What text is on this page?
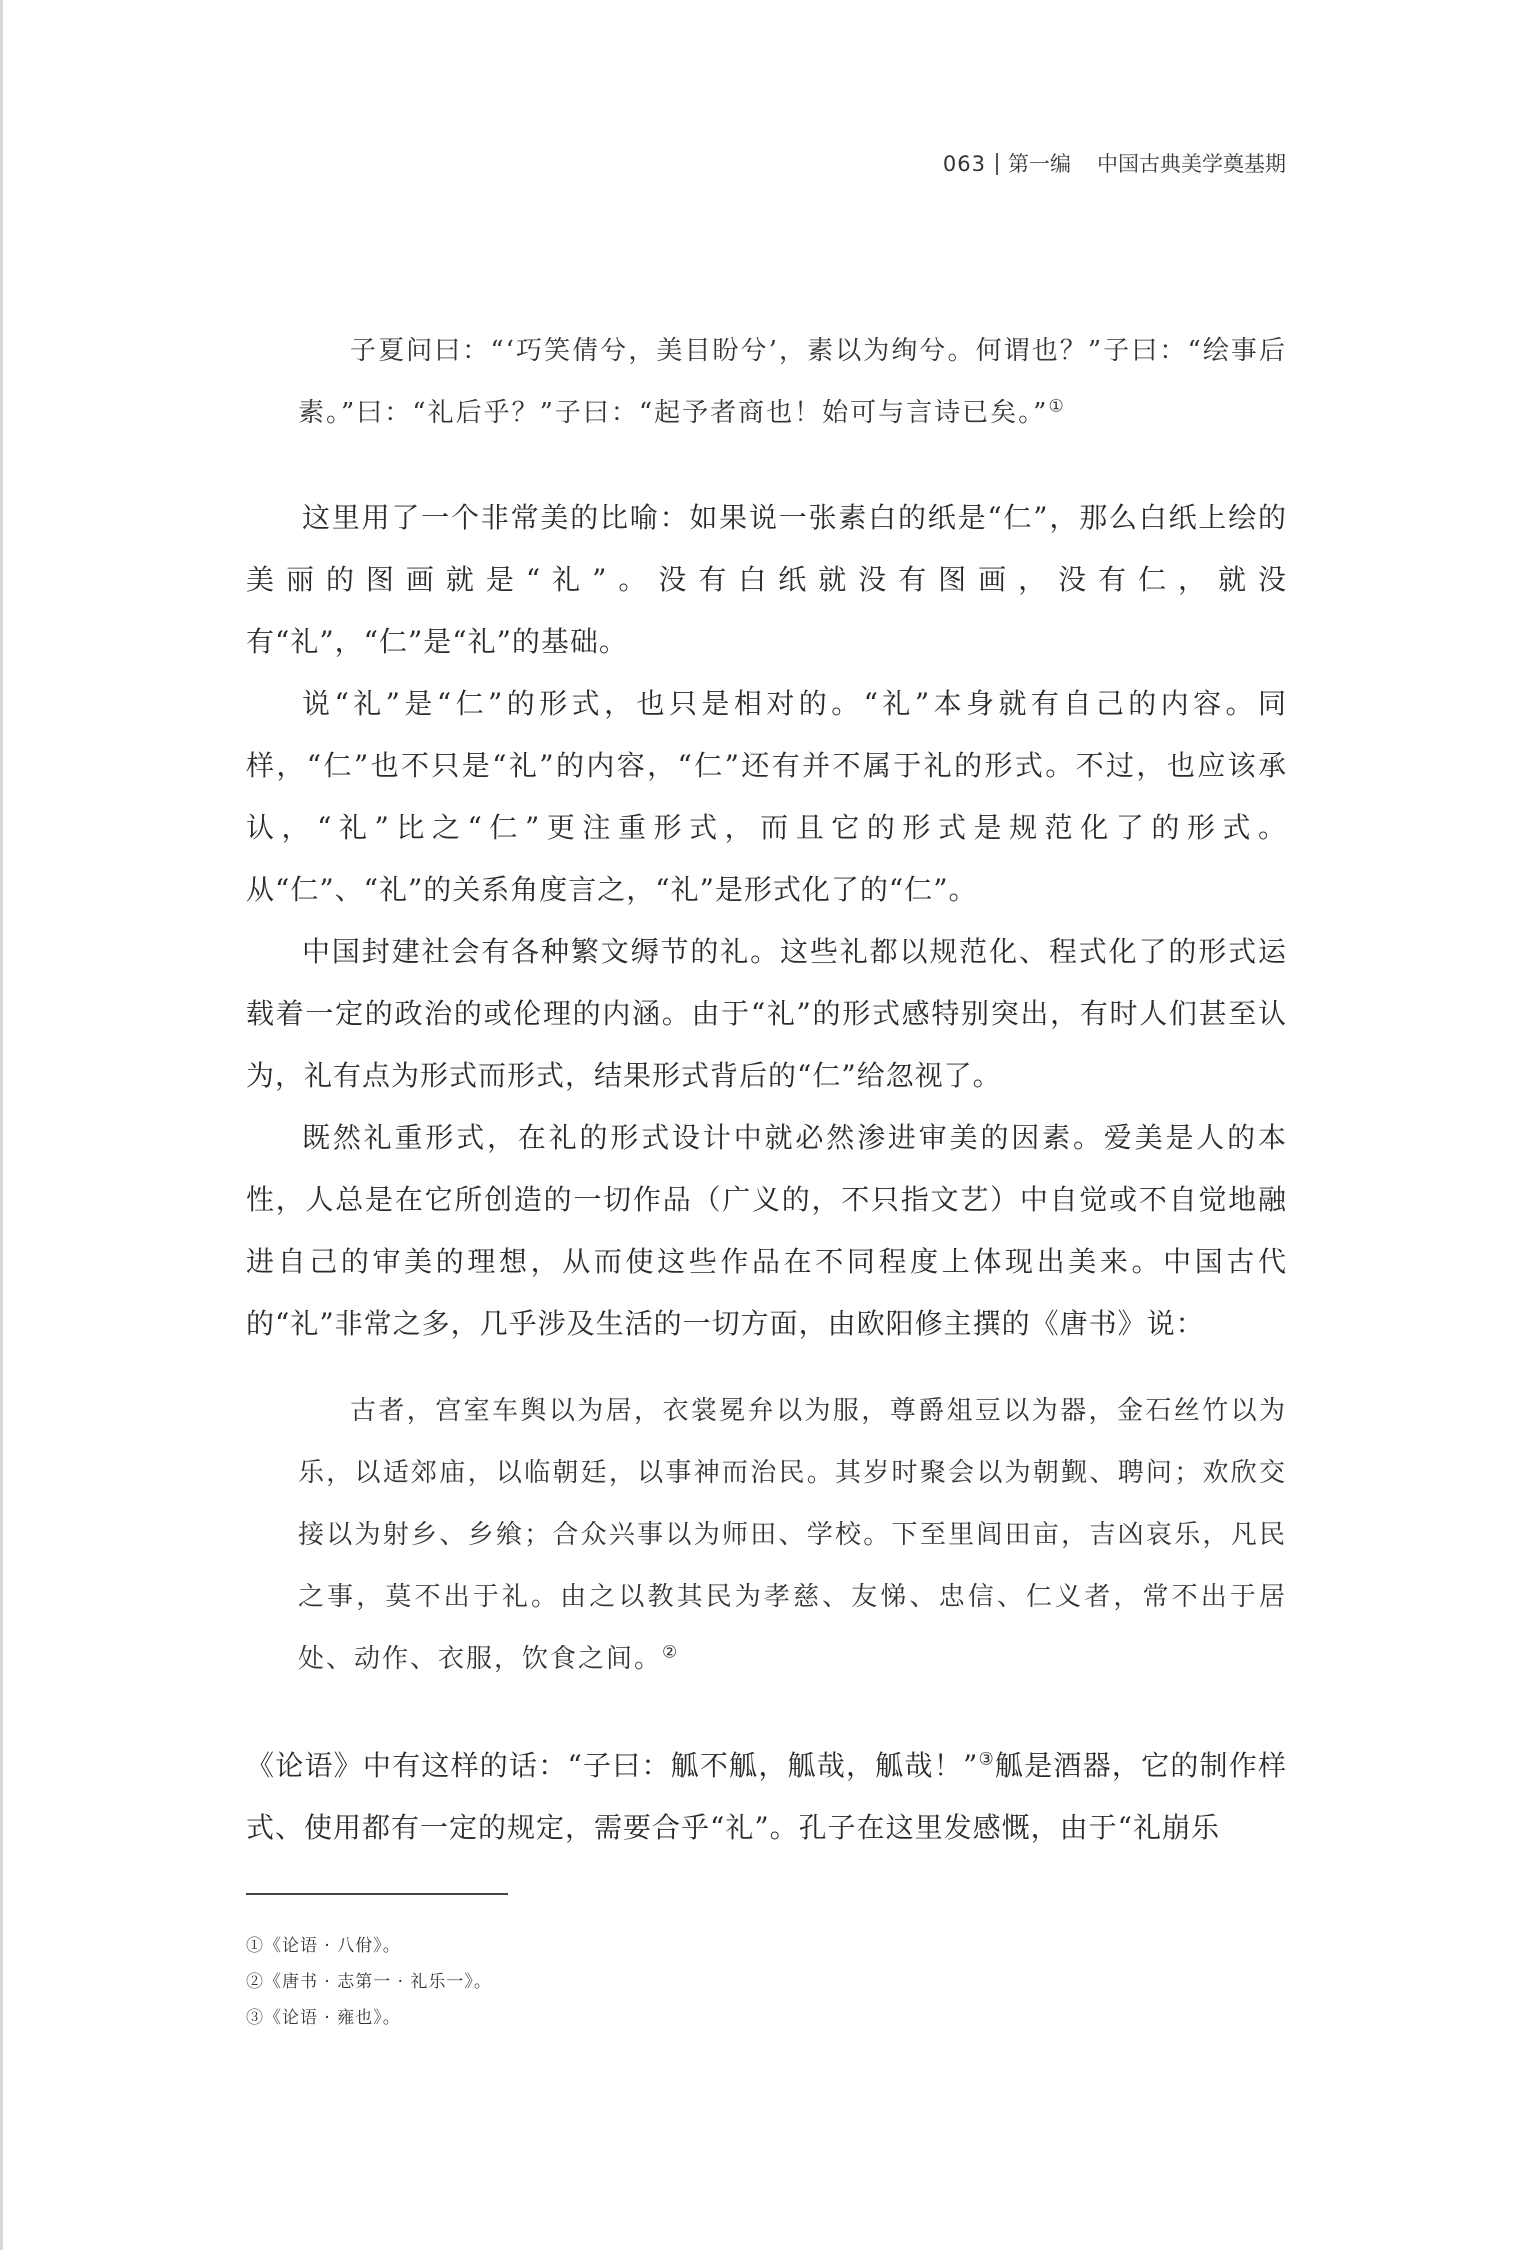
063 第一编 中国古典美学奠基期

子夏问曰：“‘巧笑倩兮，美目盼兮’，素以为绚兮。何谓也？”子曰：“绘事后素。”曰：“礼后乎？”子曰：“起予者商也！始可与言诗已矣。”①

这里用了一个非常美的比喻：如果说一张素白的纸是“仁”，那么白纸上绘的美丽的图画就是“礼”。没有白纸就没有图画，没有仁，就没有“礼”，“仁”是“礼”的基础。

说“礼”是“仁”的形式，也只是相对的。“礼”本身就有自己的内容。同样，“仁”也不只是“礼”的内容，“仁”还有并不属于礼的形式。不过，也应该承认，“礼”比之“仁”更注重形式，而且它的形式是规范化了的形式。从“仁”、“礼”的关系角度言之，“礼”是形式化了的“仁”。

中国封建社会有各种繁文缛节的礼。这些礼都以规范化、程式化了的形式运载着一定的政治的或伦理的内涵。由于“礼”的形式感特别突出，有时人们甚至认为，礼有点为形式而形式，结果形式背后的“仁”给忽视了。

既然礼重形式，在礼的形式设计中就必然渗进审美的因素。爱美是人的本性，人总是在它所创造的一切作品（广义的，不只指文艺）中自觉或不自觉地融进自己的审美的理想，从而使这些作品在不同程度上体现出美来。中国古代的“礼”非常之多，几乎涉及生活的一切方面，由欧阳修主撰的《唐书》说：

古者，宫室车舆以为居，衣裳冕弁以为服，尊爵俎豆以为器，金石丝竹以为乐，以适郊庙，以临朝廷，以事神而治民。其岁时聚会以为朝觐、聘问；欢欣交接以为射乡、乡飨；合众兴事以为师田、学校。下至里闾田亩，吉凶哀乐，凡民之事，莫不出于礼。由之以教其民为孝慈、友悌、忠信、仁义者，常不出于居处、动作、衣服，饮食之间。②

《论语》中有这样的话：“子曰：觚不觚，觚哉，觚哉！”③觚是酒器，它的制作样式、使用都有一定的规定，需要合乎“礼”。孔子在这里发感慨，由于“礼崩乐

①《论语 · 八佾》。
②《唐书 · 志第一 · 礼乐一》。
③《论语 · 雍也》。
